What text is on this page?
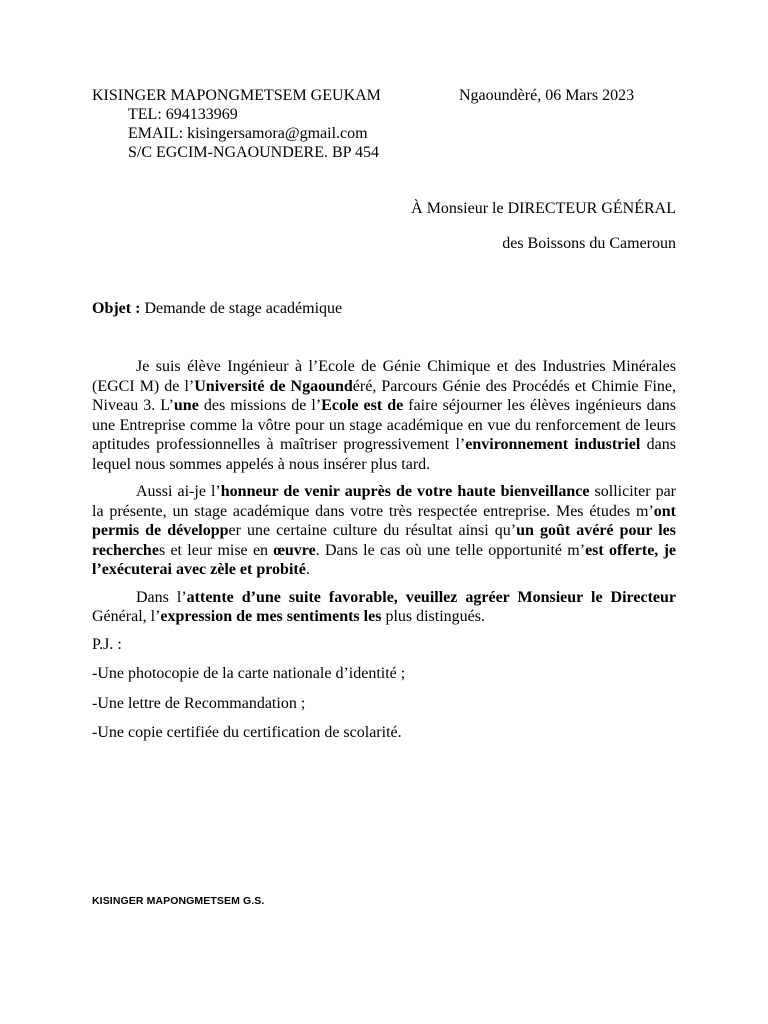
KISINGER MAPONGMETSEM GEUKAM
TEL: 694133969
EMAIL: kisingersamora@gmail.com
S/C EGCIM-NGAOUNDERE. BP 454
Ngaoundèré, 06 Mars 2023
À Monsieur le DIRECTEUR GÉNÉRAL
des Boissons du Cameroun
Objet : Demande de stage académique

Je suis élève Ingénieur à l’Ecole de Génie Chimique et des Industries Minérales (EGCI M) de l’Université de Ngaoundéré, Parcours Génie des Procédés et Chimie Fine, Niveau 3. L’une des missions de l’Ecole est de faire séjourner les élèves ingénieurs dans une Entreprise comme la vôtre pour un stage académique en vue du renforcement de leurs aptitudes professionnelles à maîtriser progressivement l’environnement industriel dans lequel nous sommes appelés à nous insérer plus tard.

Aussi ai-je l’honneur de venir auprès de votre haute bienveillance solliciter par la présente, un stage académique dans votre très respectée entreprise. Mes études m’ont permis de développer une certaine culture du résultat ainsi qu’un goût avéré pour les recherches et leur mise en œuvre. Dans le cas où une telle opportunité m’est offerte, je l’exécuterai avec zèle et probité.

Dans l’attente d’une suite favorable, veuillez agréer Monsieur le Directeur Général, l’expression de mes sentiments les plus distingués.

P.J. :
-Une photocopie de la carte nationale d’identité ;
-Une lettre de Recommandation ;
-Une copie certifiée du certification de scolarité.
KISINGER MAPONGMETSEM G.S.
